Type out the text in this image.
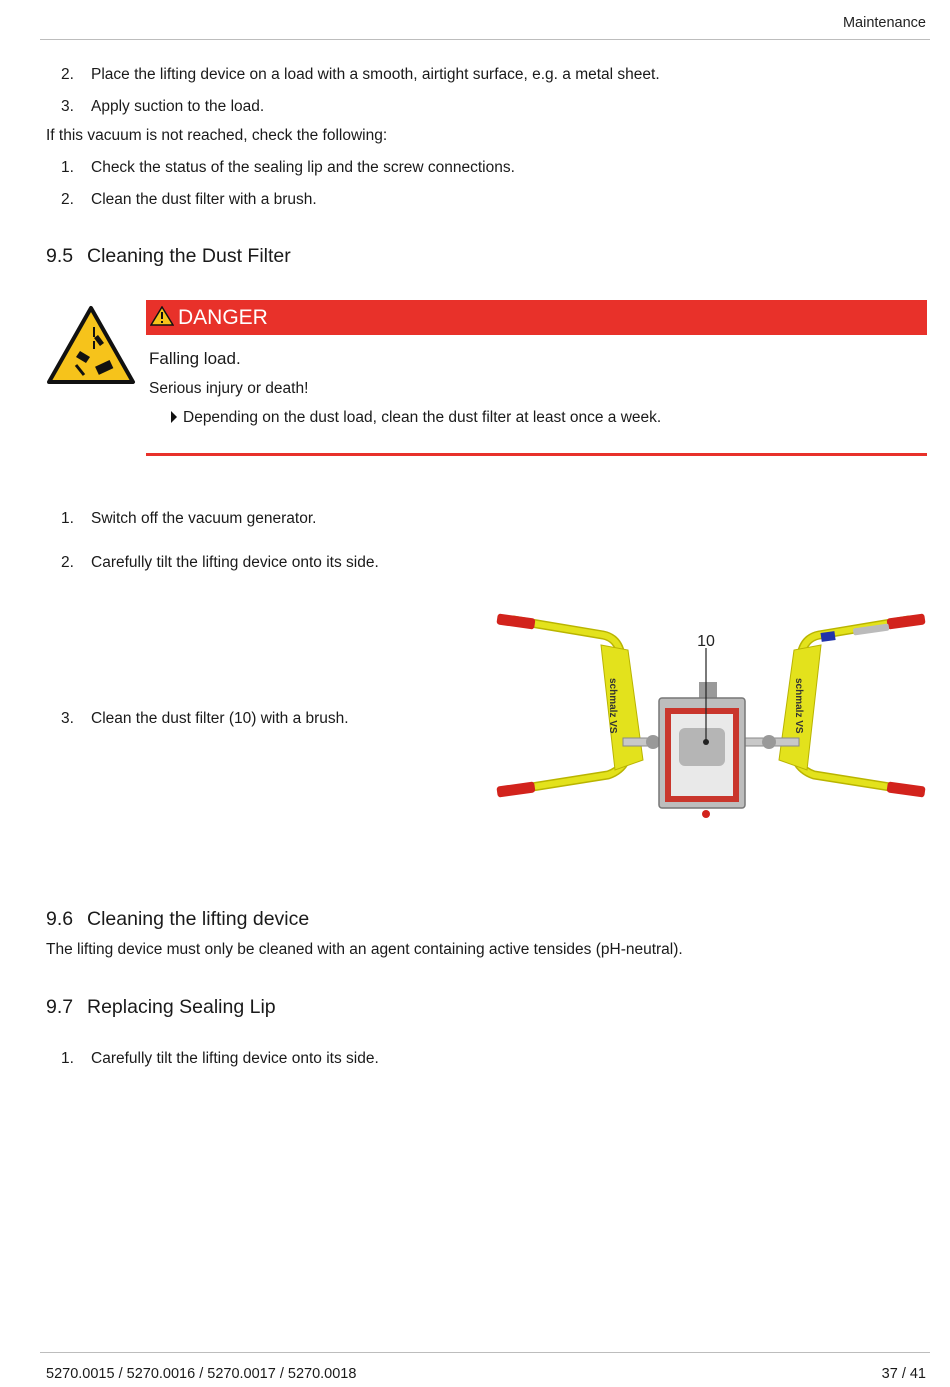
Maintenance
2. Place the lifting device on a load with a smooth, airtight surface, e.g. a metal sheet.
3. Apply suction to the load.
If this vacuum is not reached, check the following:
1. Check the status of the sealing lip and the screw connections.
2. Clean the dust filter with a brush.
9.5 Cleaning the Dust Filter
DANGER
Falling load.
Serious injury or death!
Depending on the dust load, clean the dust filter at least once a week.
1. Switch off the vacuum generator.
2. Carefully tilt the lifting device onto its side.
3. Clean the dust filter (10) with a brush.	schmalz VS	schmalz VS
10
9.6 Cleaning the lifting device
The lifting device must only be cleaned with an agent containing active tensides (pH-neutral).
9.7 Replacing Sealing Lip
1. Carefully tilt the lifting device onto its side.
5270.0015 / 5270.0016 / 5270.0017 / 5270.0018	37 / 41
